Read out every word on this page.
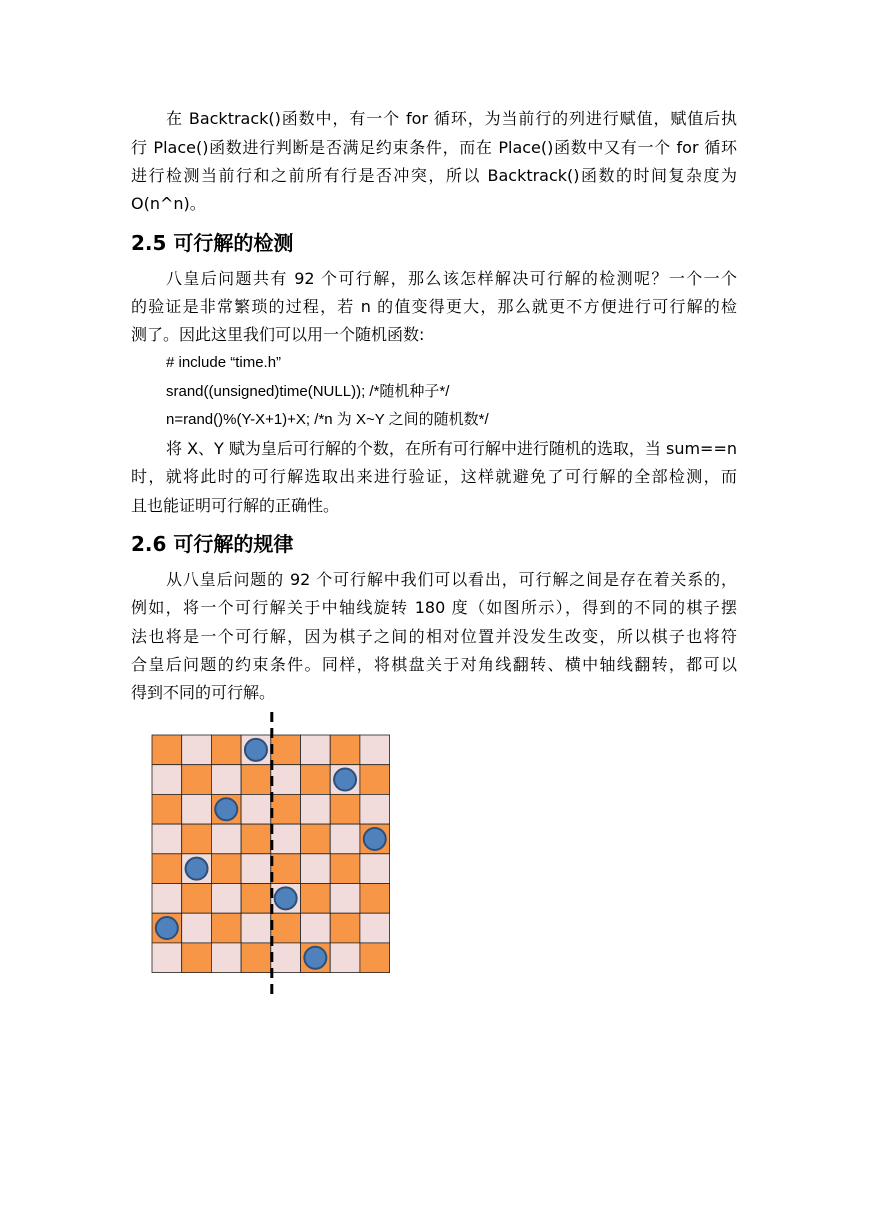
在 Backtrack()函数中，有一个 for 循环，为当前行的列进行赋值，赋值后执
行 Place()函数进行判断是否满足约束条件，而在 Place()函数中又有一个 for 循环
进行检测当前行和之前所有行是否冲突，所以 Backtrack()函数的时间复杂度为
O(n^n)。
2.5 可行解的检测
八皇后问题共有 92 个可行解，那么该怎样解决可行解的检测呢？一个一个
的验证是非常繁琐的过程，若 n 的值变得更大，那么就更不方便进行可行解的检
测了。因此这里我们可以用一个随机函数:
# include “time.h”
srand((unsigned)time(NULL)); /*随机种子*/
n=rand()%(Y-X+1)+X; /*n 为 X~Y 之间的随机数*/
将 X、Y 赋为皇后可行解的个数，在所有可行解中进行随机的选取，当 sum==n
时，就将此时的可行解选取出来进行验证，这样就避免了可行解的全部检测，而
且也能证明可行解的正确性。
2.6 可行解的规律
从八皇后问题的 92 个可行解中我们可以看出，可行解之间是存在着关系的，
例如，将一个可行解关于中轴线旋转 180 度（如图所示），得到的不同的棋子摆
法也将是一个可行解，因为棋子之间的相对位置并没发生改变，所以棋子也将符
合皇后问题的约束条件。同样，将棋盘关于对角线翻转、横中轴线翻转，都可以
得到不同的可行解。
